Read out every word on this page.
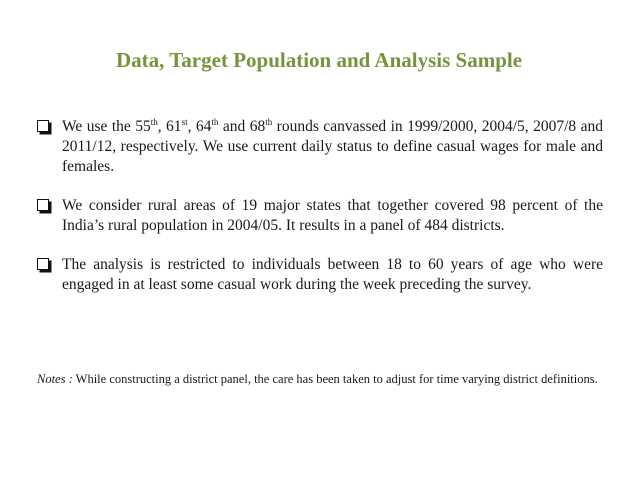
Data, Target Population and Analysis Sample
We use the 55th, 61st, 64th and 68th rounds canvassed in 1999/2000, 2004/5, 2007/8 and 2011/12, respectively. We use current daily status to define casual wages for male and females.
We consider rural areas of 19 major states that together covered 98 percent of the India’s rural population in 2004/05. It results in a panel of 484 districts.
The analysis is restricted to individuals between 18 to 60 years of age who were engaged in at least some casual work during the week preceding the survey.
Notes : While constructing a district panel, the care has been taken to adjust for time varying district definitions.
